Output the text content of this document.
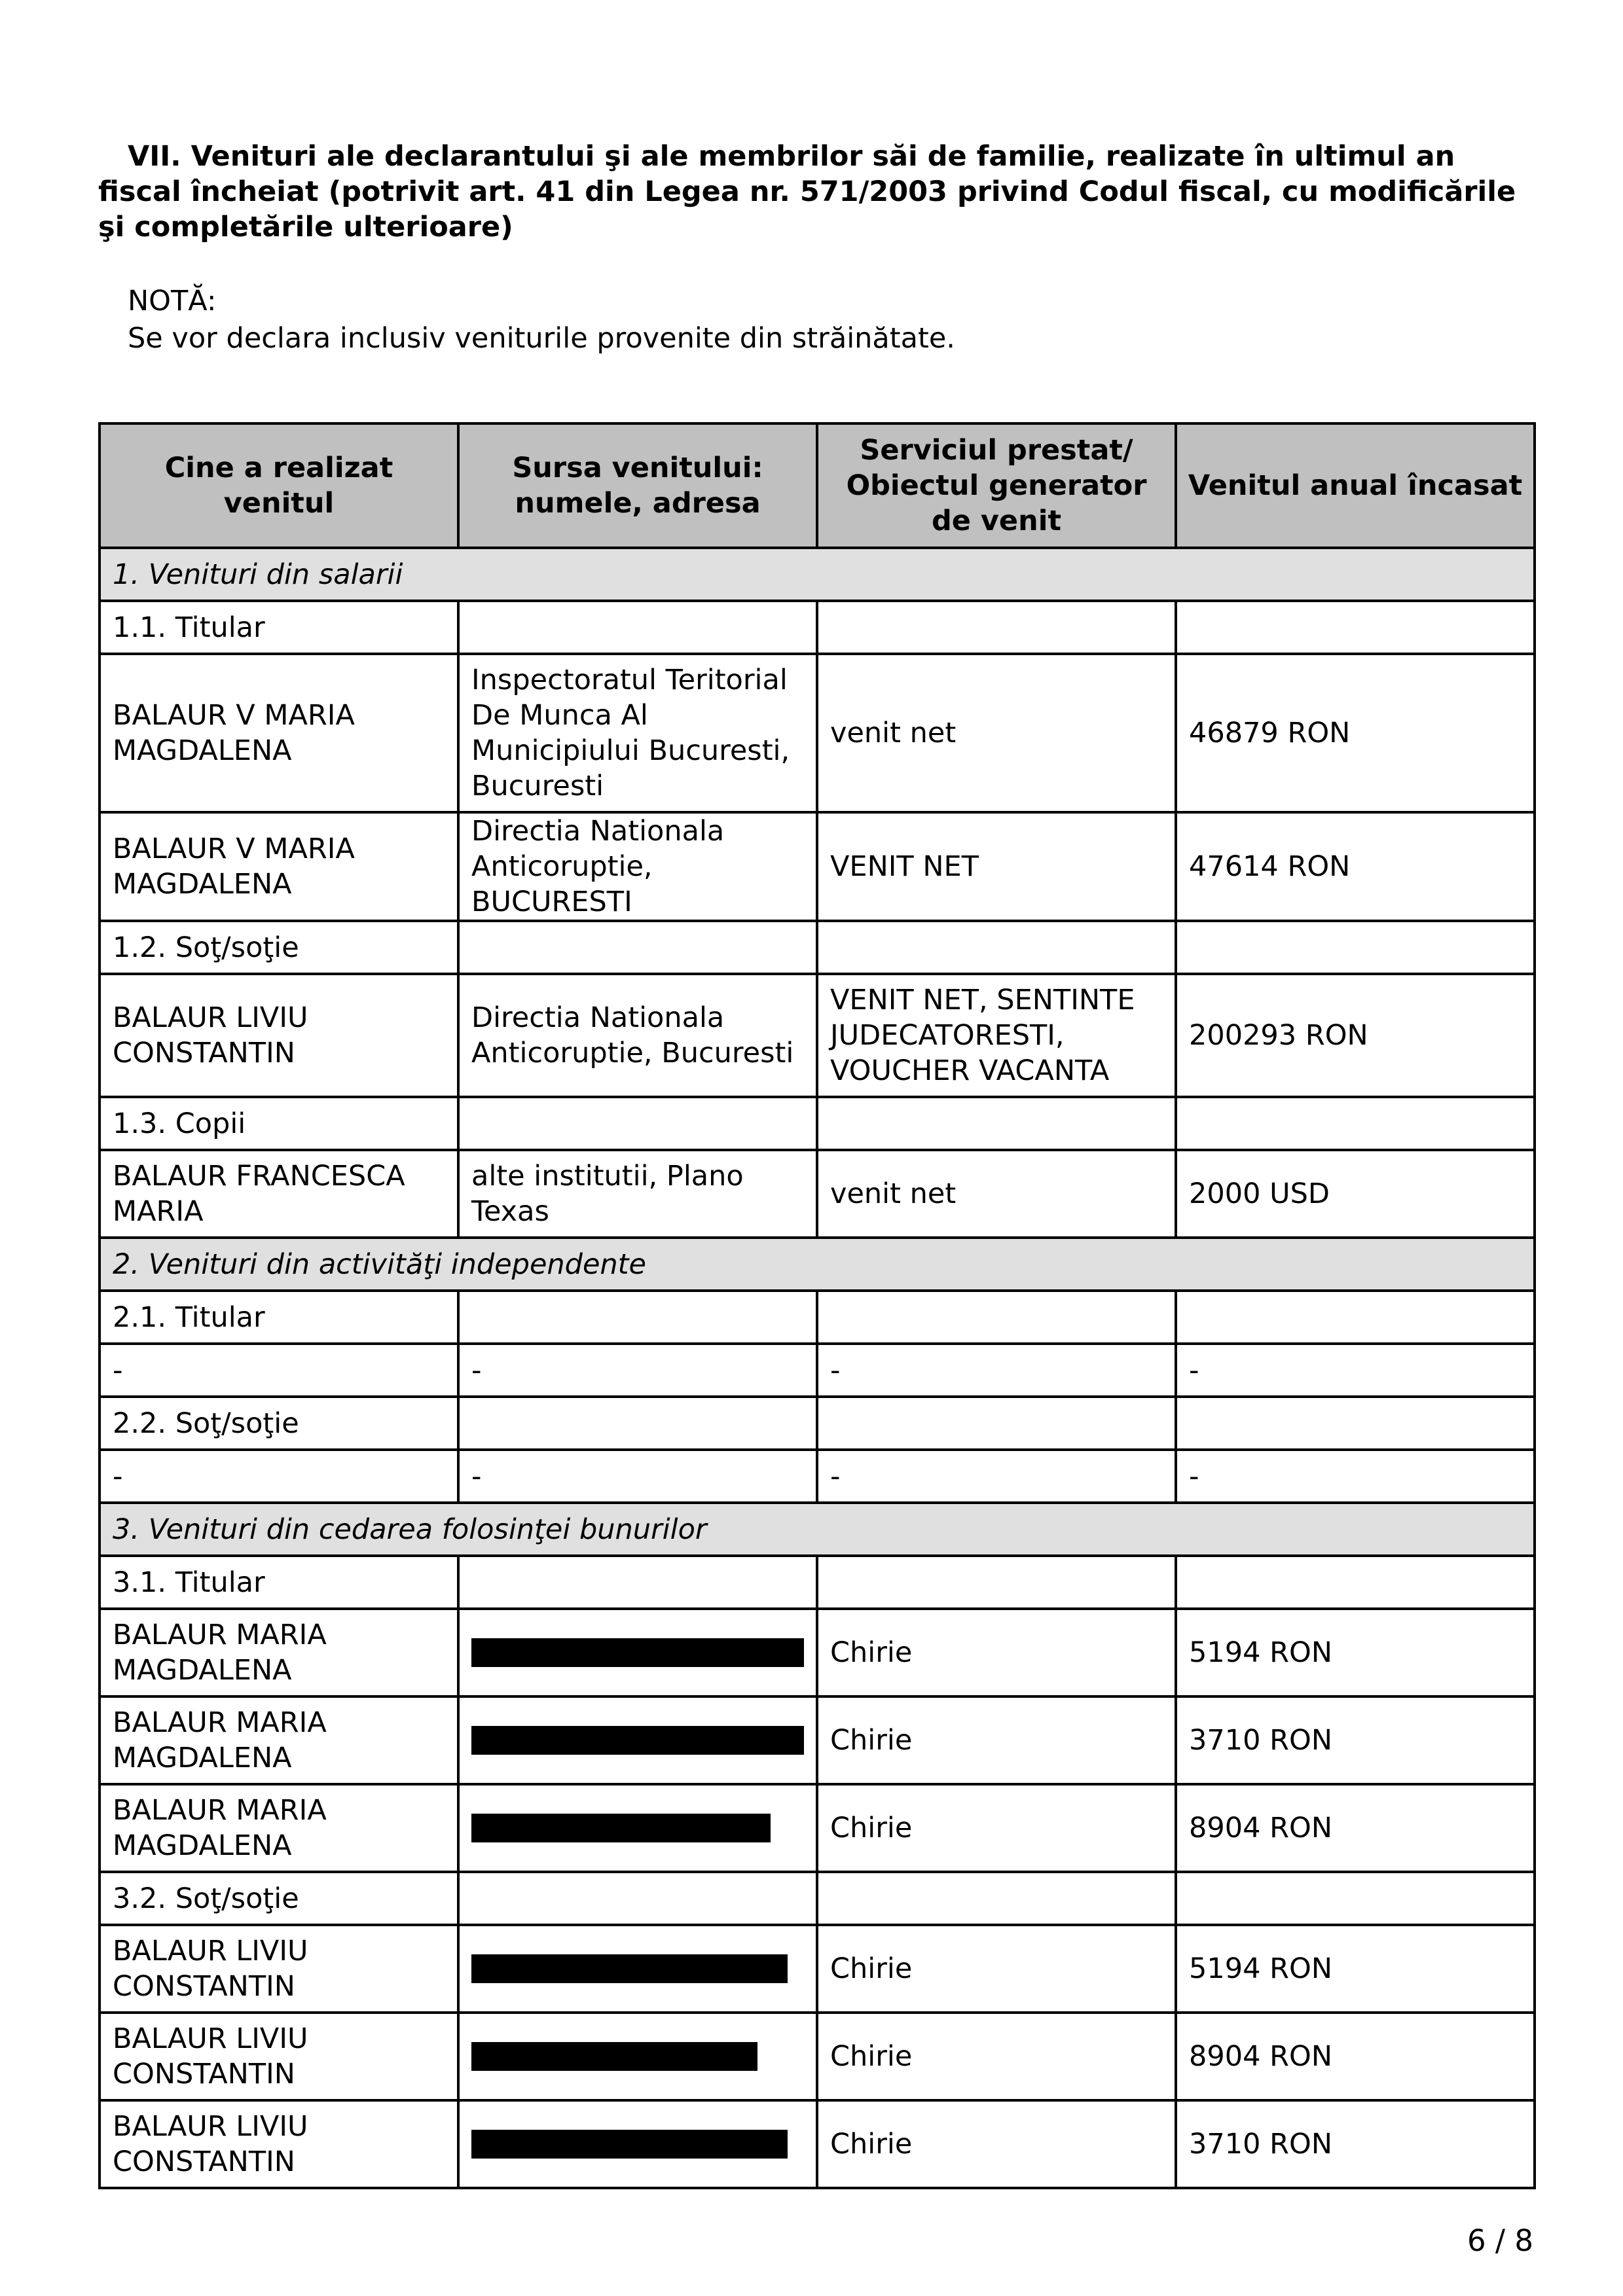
VII. Venituri ale declarantului şi ale membrilor săi de familie, realizate în ultimul an fiscal încheiat (potrivit art. 41 din Legea nr. 571/2003 privind Codul fiscal, cu modificările şi completările ulterioare)

NOTĂ:
Se vor declara inclusiv veniturile provenite din străinătate.
Cine a realizat venitul	Sursa venitului: numele, adresa	Serviciul prestat/ Obiectul generator de venit	Venitul anual încasat
1. Venituri din salarii			
1.1. Titular			
BALAUR V MARIA MAGDALENA	Inspectoratul Teritorial De Munca Al Municipiului Bucuresti, Bucuresti	venit net	46879 RON
BALAUR V MARIA MAGDALENA	Directia Nationala Anticoruptie, BUCURESTI	VENIT NET	47614 RON
1.2. Soţ/soţie			
BALAUR LIVIU CONSTANTIN	Directia Nationala Anticoruptie, Bucuresti	VENIT NET, SENTINTE JUDECATORESTI, VOUCHER VACANTA	200293 RON
1.3. Copii			
BALAUR FRANCESCA MARIA	alte institutii, Plano Texas	venit net	2000 USD
2. Venituri din activităţi independente			
2.1. Titular			
-	-	-	-
2.2. Soţ/soţie			
-	-	-	-
3. Venituri din cedarea folosinţei bunurilor			
3.1. Titular			
BALAUR MARIA MAGDALENA		Chirie	5194 RON
BALAUR MARIA MAGDALENA		Chirie	3710 RON
BALAUR MARIA MAGDALENA		Chirie	8904 RON
3.2. Soţ/soţie			
BALAUR LIVIU CONSTANTIN		Chirie	5194 RON
BALAUR LIVIU CONSTANTIN		Chirie	8904 RON
BALAUR LIVIU CONSTANTIN		Chirie	3710 RON
6 / 8
